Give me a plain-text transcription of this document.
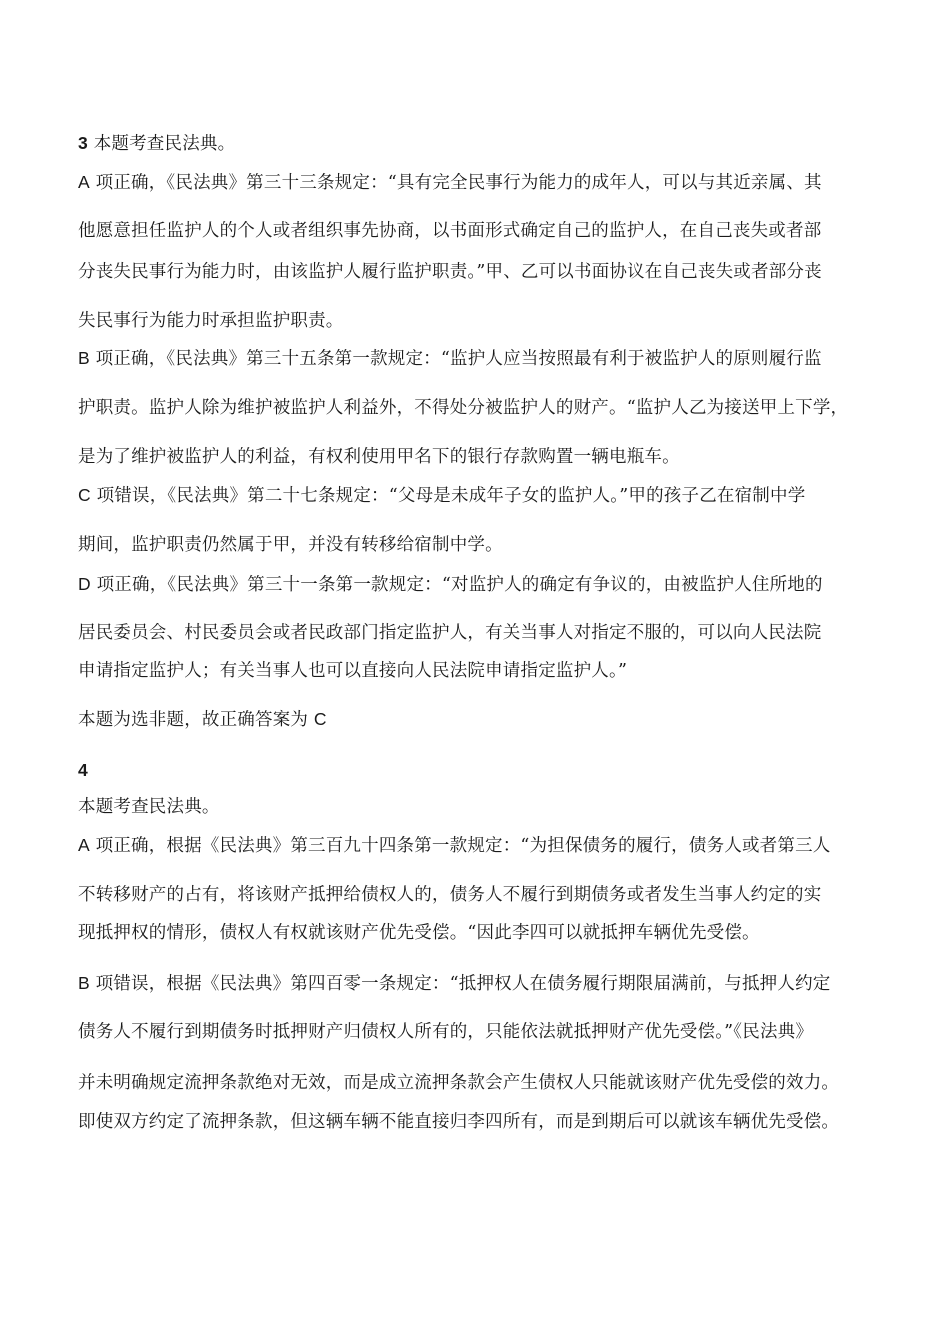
3 本题考查民法典。
A 项正确，《民法典》第三十三条规定：“具有完全民事行为能力的成年人，可以与其近亲属、其
他愿意担任监护人的个人或者组织事先协商，以书面形式确定自己的监护人，在自己丧失或者部
分丧失民事行为能力时，由该监护人履行监护职责。”甲、乙可以书面协议在自己丧失或者部分丧
失民事行为能力时承担监护职责。
B 项正确，《民法典》第三十五条第一款规定：“监护人应当按照最有利于被监护人的原则履行监
护职责。监护人除为维护被监护人利益外，不得处分被监护人的财产。“监护人乙为接送甲上下学，
是为了维护被监护人的利益，有权利使用甲名下的银行存款购置一辆电瓶车。
C 项错误，《民法典》第二十七条规定：“父母是未成年子女的监护人。”甲的孩子乙在宿制中学
期间，监护职责仍然属于甲，并没有转移给宿制中学。
D 项正确，《民法典》第三十一条第一款规定：“对监护人的确定有争议的，由被监护人住所地的
居民委员会、村民委员会或者民政部门指定监护人，有关当事人对指定不服的，可以向人民法院
申请指定监护人；有关当事人也可以直接向人民法院申请指定监护人。”
本题为选非题，故正确答案为 C
4
本题考查民法典。
A 项正确，根据《民法典》第三百九十四条第一款规定：“为担保债务的履行，债务人或者第三人
不转移财产的占有，将该财产抵押给债权人的，债务人不履行到期债务或者发生当事人约定的实
现抵押权的情形，债权人有权就该财产优先受偿。“因此李四可以就抵押车辆优先受偿。
B 项错误，根据《民法典》第四百零一条规定：“抵押权人在债务履行期限届满前，与抵押人约定
债务人不履行到期债务时抵押财产归债权人所有的，只能依法就抵押财产优先受偿。”《民法典》
并未明确规定流押条款绝对无效，而是成立流押条款会产生债权人只能就该财产优先受偿的效力。
即使双方约定了流押条款，但这辆车辆不能直接归李四所有，而是到期后可以就该车辆优先受偿。
